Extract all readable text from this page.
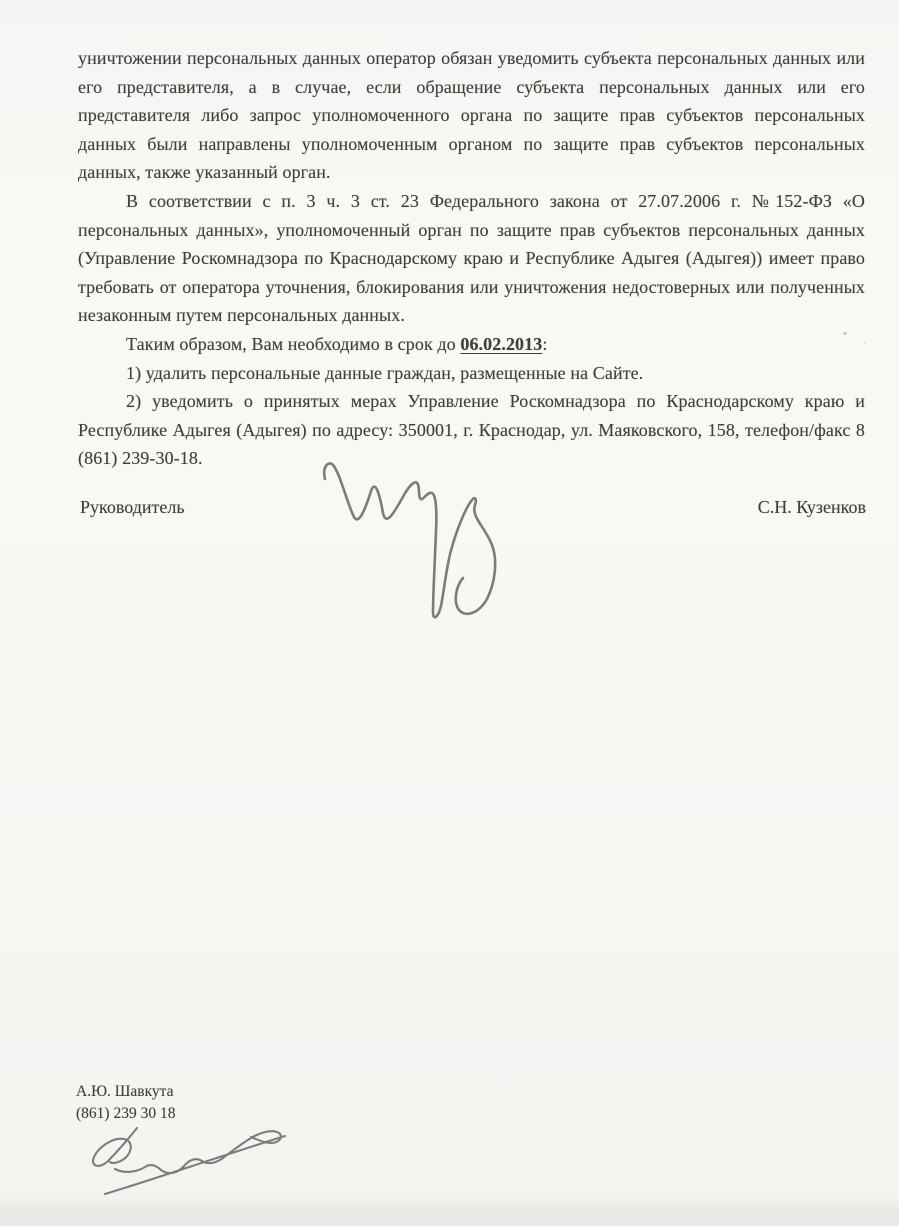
уничтожении персональных данных оператор обязан уведомить субъекта персональных данных или его представителя, а в случае, если обращение субъекта персональных данных или его представителя либо запрос уполномоченного органа по защите прав субъектов персональных данных были направлены уполномоченным органом по защите прав субъектов персональных данных, также указанный орган.

В соответствии с п. 3 ч. 3 ст. 23 Федерального закона от 27.07.2006 г. №152-ФЗ «О персональных данных», уполномоченный орган по защите прав субъектов персональных данных (Управление Роскомнадзора по Краснодарскому краю и Республике Адыгея (Адыгея)) имеет право требовать от оператора уточнения, блокирования или уничтожения недостоверных или полученных незаконным путем персональных данных.

Таким образом, Вам необходимо в срок до 06.02.2013:

1) удалить персональные данные граждан, размещенные на Сайте.

2) уведомить о принятых мерах Управление Роскомнадзора по Краснодарскому краю и Республике Адыгея (Адыгея) по адресу: 350001, г. Краснодар, ул. Маяковского, 158, телефон/факс 8 (861) 239-30-18.

Руководитель	С.Н. Кузенков
А.Ю. Шавкута
(861) 239 30 18
